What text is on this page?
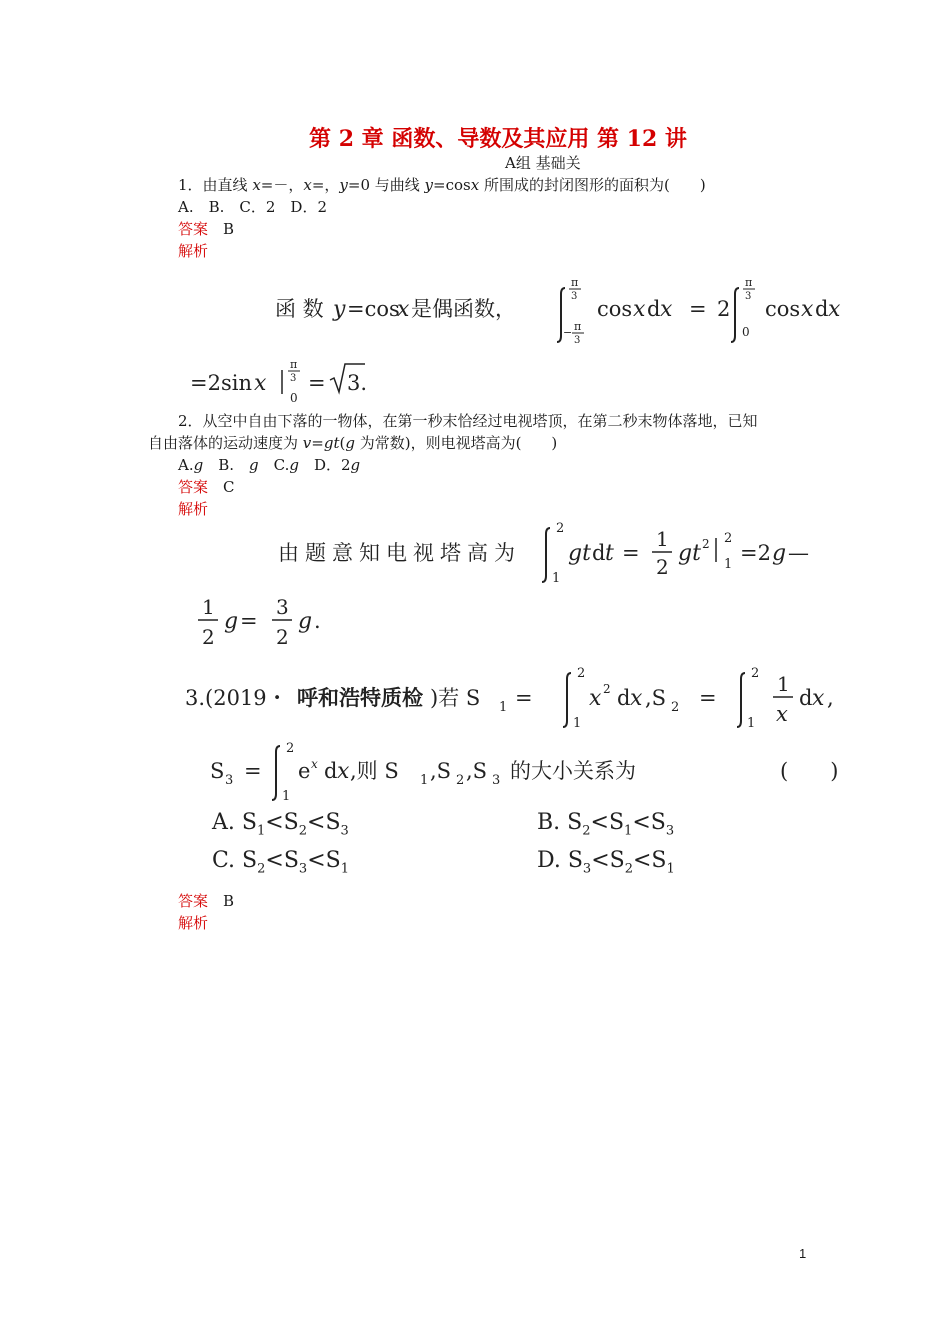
第 2 章 函数、导数及其应用 第 12 讲
A组 基础关
1．由直线 x=－，x=，y=0 与曲线 y=cosx 所围成的封闭图形的面积为(　　)
A.　B.　C．2　D．2
答案　 B
解析
函 数 y =cos
x 是偶函数，
π
3
− π
3
cos x d x = 2
π
3
0
cos x d x
=2sin x
π
3
0
= 3.
2．从空中自由下落的一物体，在第一秒末恰经过电视塔顶，在第二秒末物体落地，已知
自由落体的运动速度为 v=gt(g 为常数)，则电视塔高为(　　)
A.g　B.　g　C.g　D．2g
答案　 C
解析
由题意知电视塔高为
2
1
gt d t =
1
2
gt 2 2
1 =2 g —
1
2
g =
3
2
g .
3.(2019・ 呼和浩特质检 )若 S 1 =
2
1
x 2 d x ,S 2 =
2
1
1
x
d x ,
S 3 =
2
1
e x d x ,则 S 1 ,S 2 ,S 3 的大小关系为	(　　)
A. $S_1<S_2<S_3$	B. $S_2<S_1<S_3$
C. $S_2<S_3<S_1$	D. $S_3<S_2<S_1$
答案　 B
解析
1
